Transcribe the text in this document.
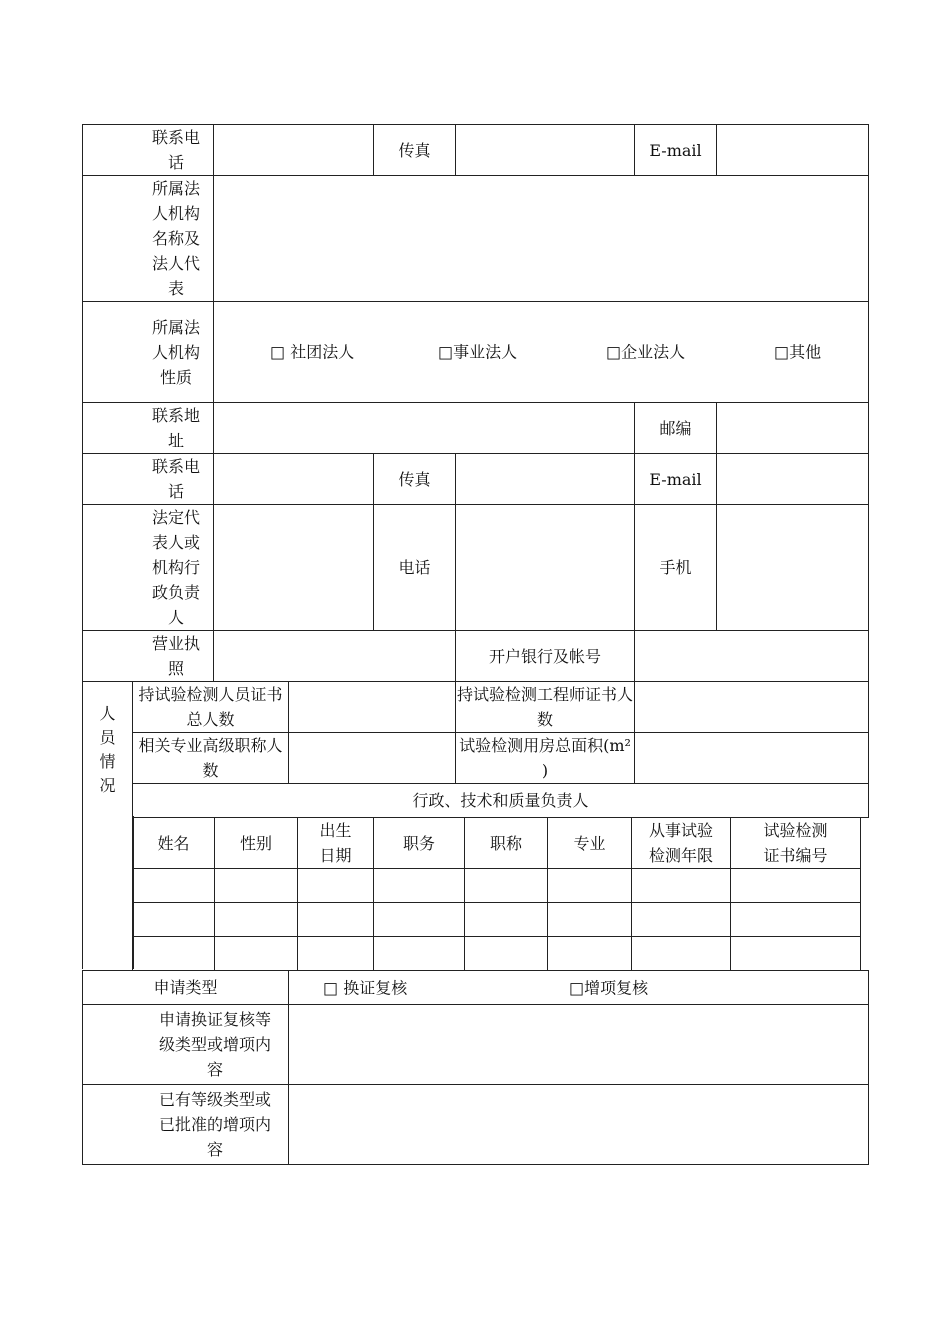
联系电话		传真		E-mail	
所属法人机构名称及法人代表					
所属法人机构性质	□ 社团法人 □事业法人 □企业法人 □其他				

联系地址				邮编	
联系电话		传真		E-mail	
法定代表人或机构行政负责人		电话		手机	
营业执照			开户银行及帐号		
人员情况	持试验检测人员证书总人数		持试验检测工程师证书人数	
	相关专业高级职称人数		试验检测用房总面积(m² )	
	行政、技术和质量负责人			
姓名	性别	出生日期	职务	职称	专业	从事试验检测年限	试验检测证书编号

申请类型	□ 换证复核 □增项复核

申请换证复核等级类型或增项内容	
已有等级类型或已批准的增项内容	
